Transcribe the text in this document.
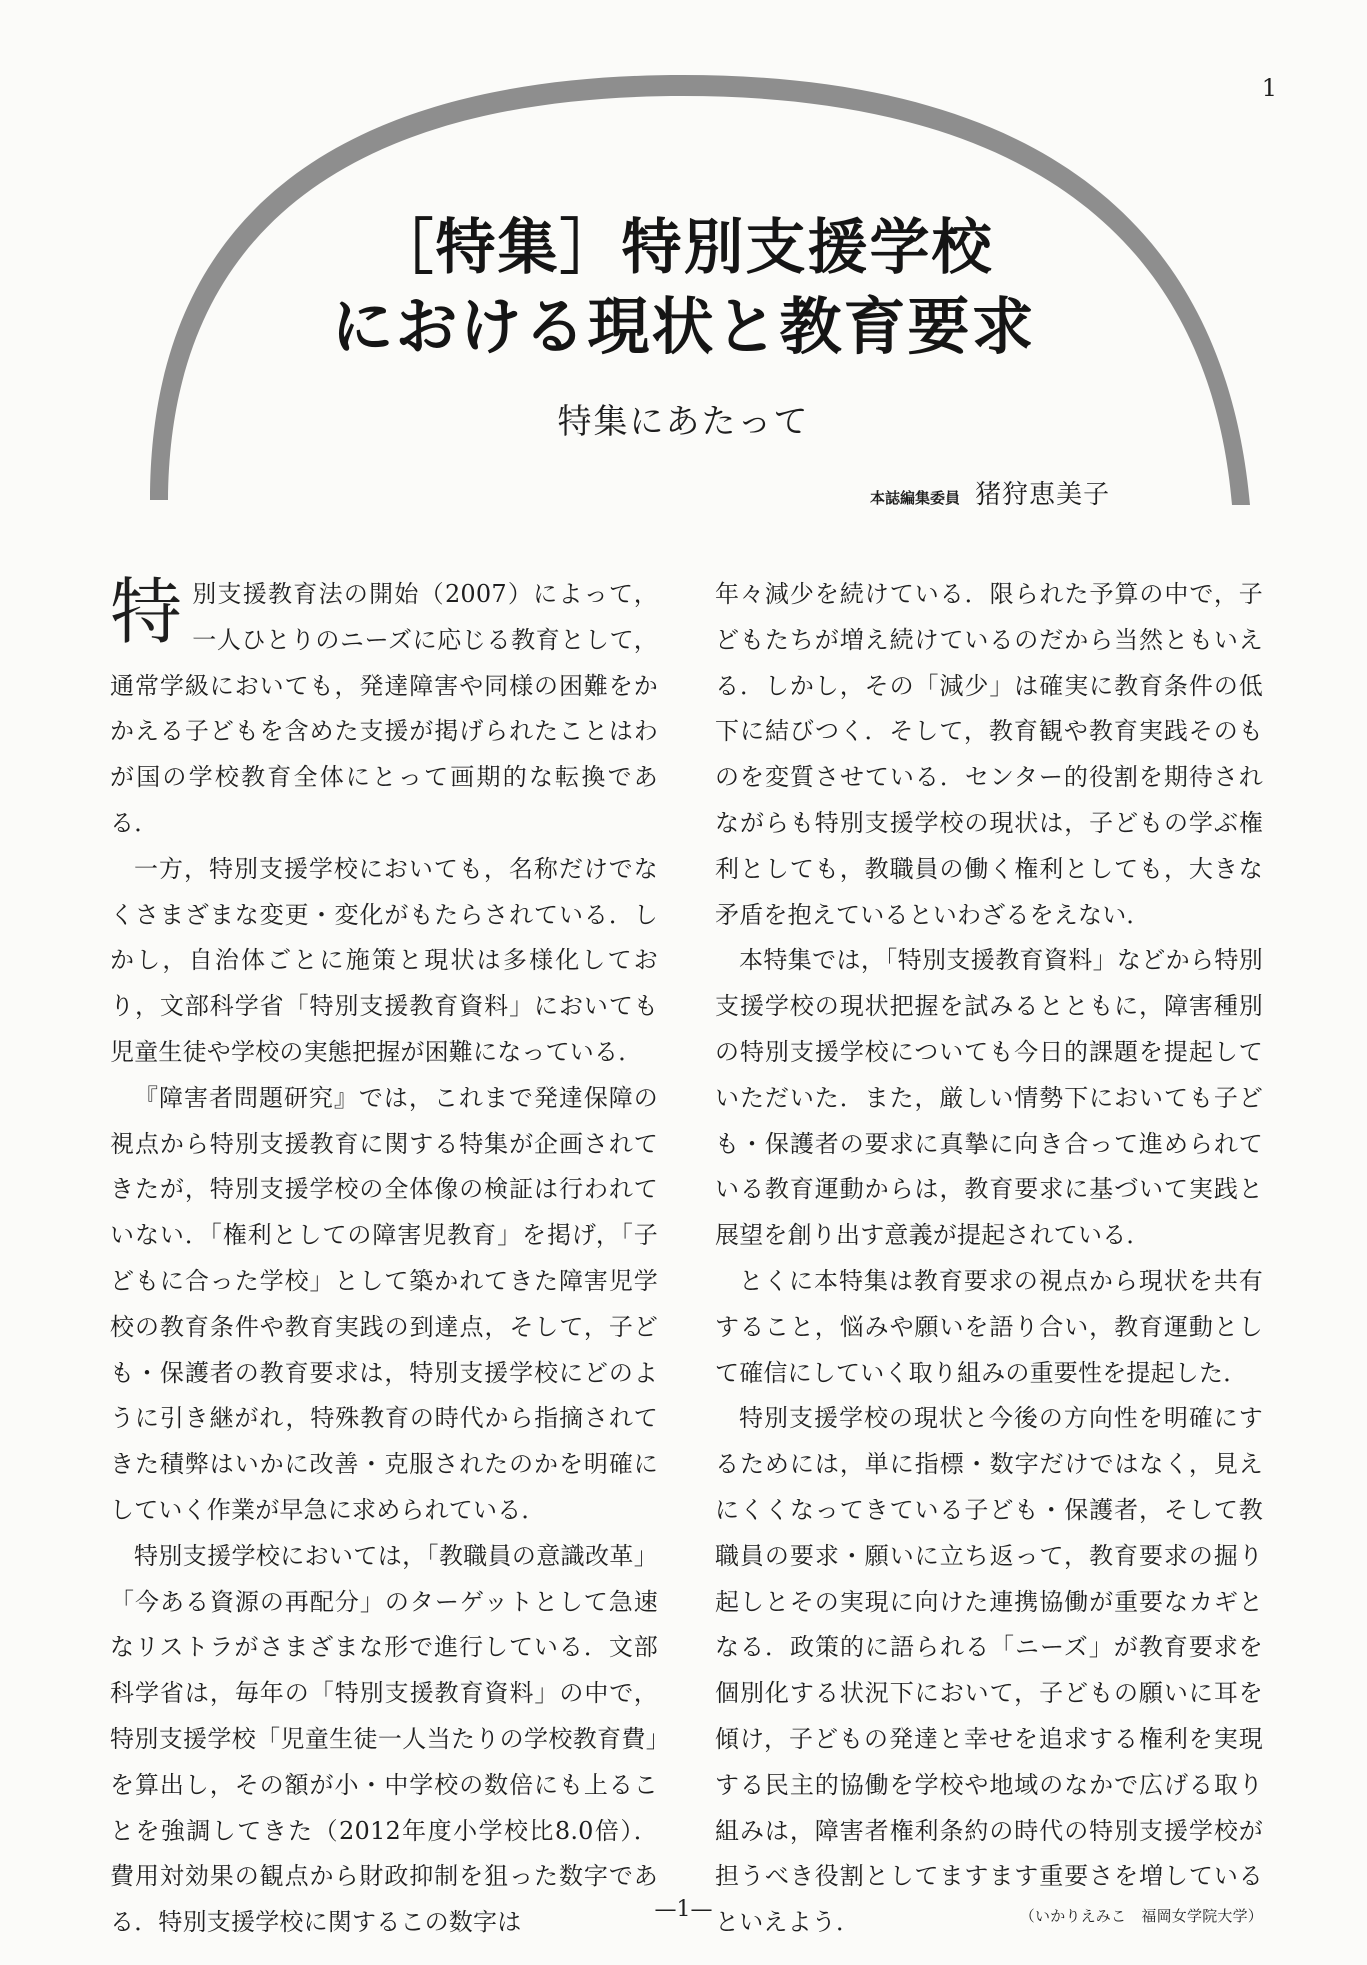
1
［特集］特別支援学校
における現状と教育要求
特集にあたって
本誌編集委員 猪狩恵美子

特別支援教育法の開始（2007）によって，一人ひとりのニーズに応じる教育として，通常学級においても，発達障害や同様の困難をかかえる子どもを含めた支援が掲げられたことはわが国の学校教育全体にとって画期的な転換である．

一方，特別支援学校においても，名称だけでなくさまざまな変更・変化がもたらされている．しかし，自治体ごとに施策と現状は多様化しており，文部科学省「特別支援教育資料」においても児童生徒や学校の実態把握が困難になっている．

『障害者問題研究』では，これまで発達保障の視点から特別支援教育に関する特集が企画されてきたが，特別支援学校の全体像の検証は行われていない．「権利としての障害児教育」を掲げ，「子どもに合った学校」として築かれてきた障害児学校の教育条件や教育実践の到達点，そして，子ども・保護者の教育要求は，特別支援学校にどのように引き継がれ，特殊教育の時代から指摘されてきた積弊はいかに改善・克服されたのかを明確にしていく作業が早急に求められている．

特別支援学校においては，「教職員の意識改革」「今ある資源の再配分」のターゲットとして急速なリストラがさまざまな形で進行している．文部科学省は，毎年の「特別支援教育資料」の中で，特別支援学校「児童生徒一人当たりの学校教育費」を算出し，その額が小・中学校の数倍にも上ることを強調してきた（2012年度小学校比8.0倍）．費用対効果の観点から財政抑制を狙った数字である．特別支援学校に関するこの数字は

年々減少を続けている．限られた予算の中で，子どもたちが増え続けているのだから当然ともいえる．しかし，その「減少」は確実に教育条件の低下に結びつく．そして，教育観や教育実践そのものを変質させている．センター的役割を期待されながらも特別支援学校の現状は，子どもの学ぶ権利としても，教職員の働く権利としても，大きな矛盾を抱えているといわざるをえない．

本特集では，「特別支援教育資料」などから特別支援学校の現状把握を試みるとともに，障害種別の特別支援学校についても今日的課題を提起していただいた．また，厳しい情勢下においても子ども・保護者の要求に真摯に向き合って進められている教育運動からは，教育要求に基づいて実践と展望を創り出す意義が提起されている．

とくに本特集は教育要求の視点から現状を共有すること，悩みや願いを語り合い，教育運動として確信にしていく取り組みの重要性を提起した．

特別支援学校の現状と今後の方向性を明確にするためには，単に指標・数字だけではなく，見えにくくなってきている子ども・保護者，そして教職員の要求・願いに立ち返って，教育要求の掘り起しとその実現に向けた連携協働が重要なカギとなる．政策的に語られる「ニーズ」が教育要求を個別化する状況下において，子どもの願いに耳を傾け，子どもの発達と幸せを追求する権利を実現する民主的協働を学校や地域のなかで広げる取り組みは，障害者権利条約の時代の特別支援学校が担うべき役割としてますます重要さを増しているといえよう．	（いかりえみこ　福岡女学院大学）
—1—
